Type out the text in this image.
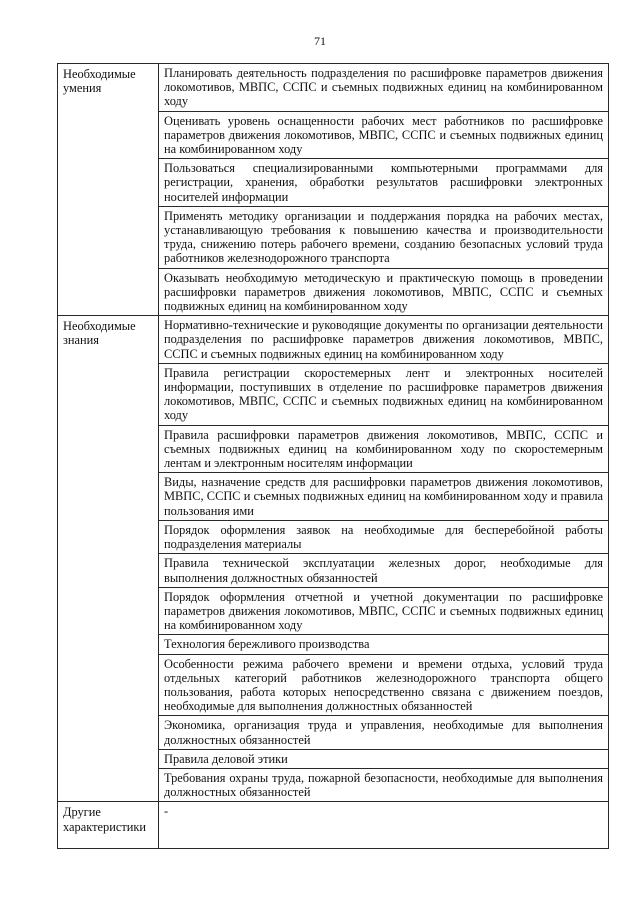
71
Необходимые умения	Планировать деятельность подразделения по расшифровке параметров движения локомотивов, МВПС, ССПС и съемных подвижных единиц на комбинированном ходу
	Оценивать уровень оснащенности рабочих мест работников по расшифровке параметров движения локомотивов, МВПС, ССПС и съемных подвижных единиц на комбинированном ходу
	Пользоваться специализированными компьютерными программами для регистрации, хранения, обработки результатов расшифровки электронных носителей информации
	Применять методику организации и поддержания порядка на рабочих местах, устанавливающую требования к повышению качества и производительности труда, снижению потерь рабочего времени, созданию безопасных условий труда работников железнодорожного транспорта
	Оказывать необходимую методическую и практическую помощь в проведении расшифровки параметров движения локомотивов, МВПС, ССПС и съемных подвижных единиц на комбинированном ходу
Необходимые знания	Нормативно-технические и руководящие документы по организации деятельности подразделения по расшифровке параметров движения локомотивов, МВПС, ССПС и съемных подвижных единиц на комбинированном ходу
	Правила регистрации скоростемерных лент и электронных носителей информации, поступивших в отделение по расшифровке параметров движения локомотивов, МВПС, ССПС и съемных подвижных единиц на комбинированном ходу
	Правила расшифровки параметров движения локомотивов, МВПС, ССПС и съемных подвижных единиц на комбинированном ходу по скоростемерным лентам и электронным носителям информации
	Виды, назначение средств для расшифровки параметров движения локомотивов, МВПС, ССПС и съемных подвижных единиц на комбинированном ходу и правила пользования ими
	Порядок оформления заявок на необходимые для бесперебойной работы подразделения материалы
	Правила технической эксплуатации железных дорог, необходимые для выполнения должностных обязанностей
	Порядок оформления отчетной и учетной документации по расшифровке параметров движения локомотивов, МВПС, ССПС и съемных подвижных единиц на комбинированном ходу
	Технология бережливого производства
	Особенности режима рабочего времени и времени отдыха, условий труда отдельных категорий работников железнодорожного транспорта общего пользования, работа которых непосредственно связана с движением поездов, необходимые для выполнения должностных обязанностей
	Экономика, организация труда и управления, необходимые для выполнения должностных обязанностей
	Правила деловой этики
	Требования охраны труда, пожарной безопасности, необходимые для выполнения должностных обязанностей
Другие характеристики	-
